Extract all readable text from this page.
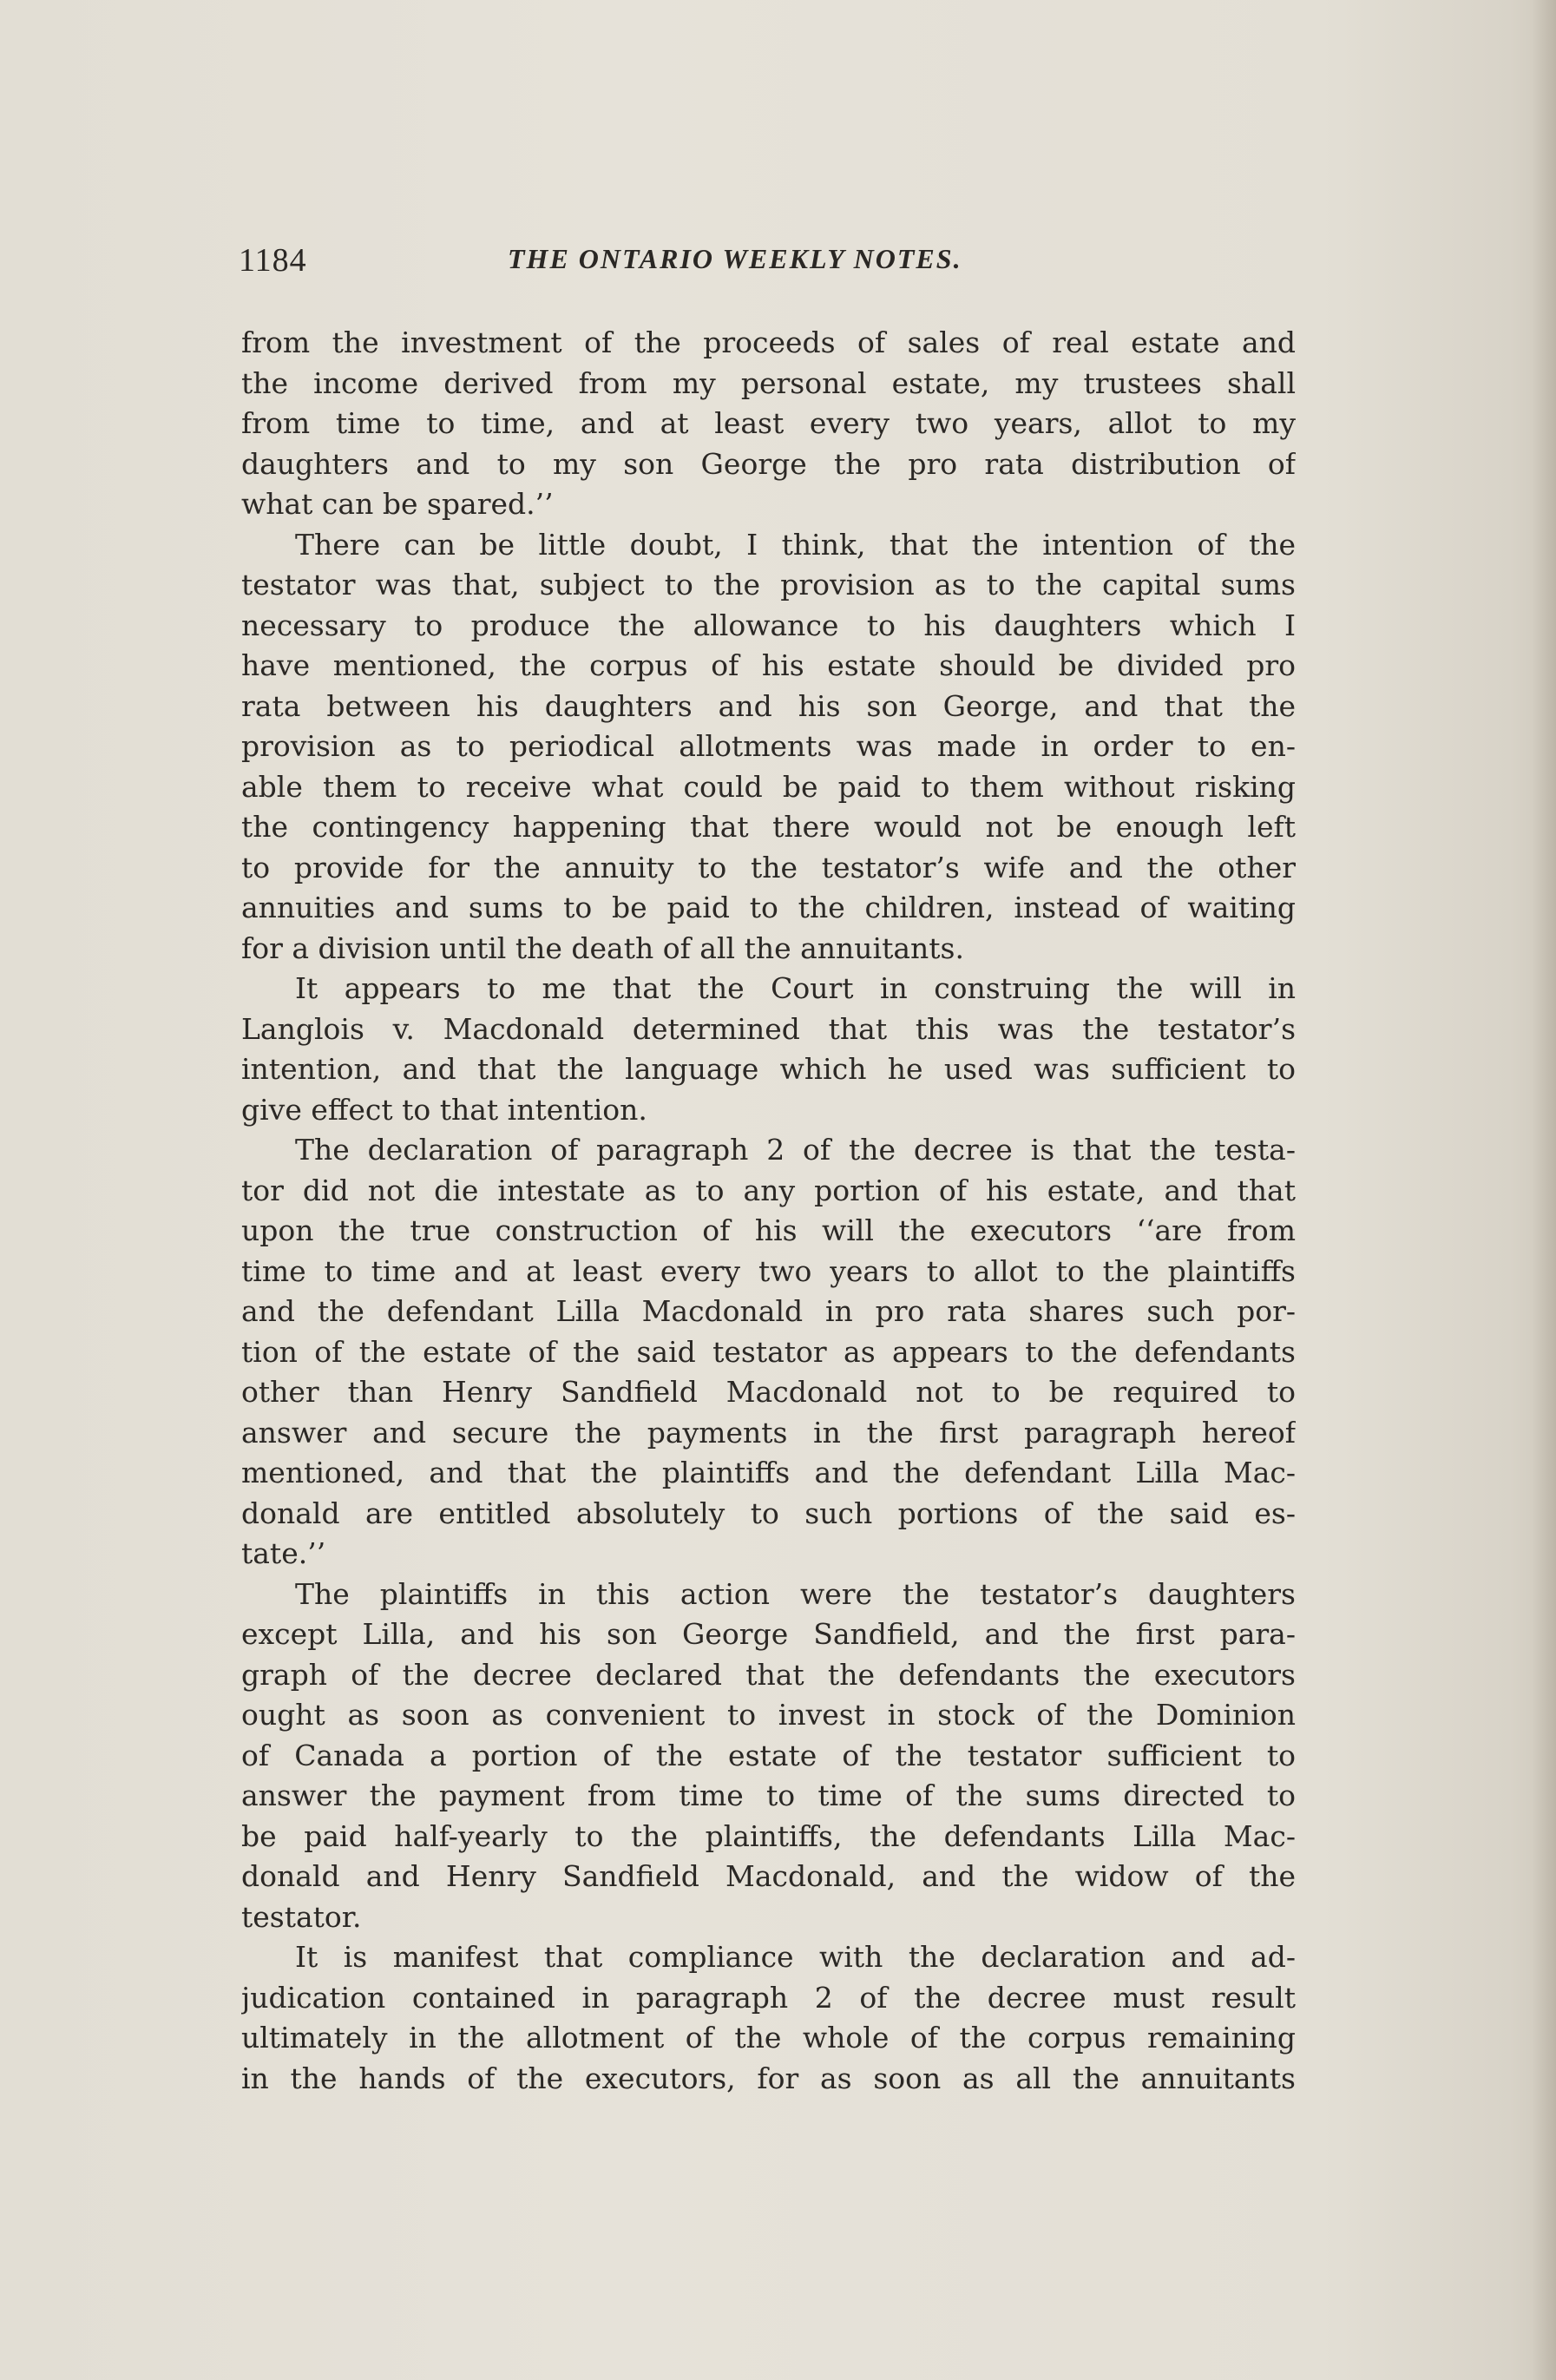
1184	THE ONTARIO WEEKLY NOTES.
from the investment of the proceeds of sales of real estate and
the income derived from my personal estate, my trustees shall
from time to time, and at least every two years, allot to my
daughters and to my son George the pro rata distribution of
what can be spared.’’
There can be little doubt, I think, that the intention of the
testator was that, subject to the provision as to the capital sums
necessary to produce the allowance to his daughters which I
have mentioned, the corpus of his estate should be divided pro
rata between his daughters and his son George, and that the
provision as to periodical allotments was made in order to en-
able them to receive what could be paid to them without risking
the contingency happening that there would not be enough left
to provide for the annuity to the testator’s wife and the other
annuities and sums to be paid to the children, instead of waiting
for a division until the death of all the annuitants.
It appears to me that the Court in construing the will in
Langlois v. Macdonald determined that this was the testator’s
intention, and that the language which he used was sufficient to
give effect to that intention.
The declaration of paragraph 2 of the decree is that the testa-
tor did not die intestate as to any portion of his estate, and that
upon the true construction of his will the executors ‘‘are from
time to time and at least every two years to allot to the plaintiffs
and the defendant Lilla Macdonald in pro rata shares such por-
tion of the estate of the said testator as appears to the defendants
other than Henry Sandfield Macdonald not to be required to
answer and secure the payments in the first paragraph hereof
mentioned, and that the plaintiffs and the defendant Lilla Mac-
donald are entitled absolutely to such portions of the said es-
tate.’’
The plaintiffs in this action were the testator’s daughters
except Lilla, and his son George Sandfield, and the first para-
graph of the decree declared that the defendants the executors
ought as soon as convenient to invest in stock of the Dominion
of Canada a portion of the estate of the testator sufficient to
answer the payment from time to time of the sums directed to
be paid half-yearly to the plaintiffs, the defendants Lilla Mac-
donald and Henry Sandfield Macdonald, and the widow of the
testator.
It is manifest that compliance with the declaration and ad-
judication contained in paragraph 2 of the decree must result
ultimately in the allotment of the whole of the corpus remaining
in the hands of the executors, for as soon as all the annuitants
